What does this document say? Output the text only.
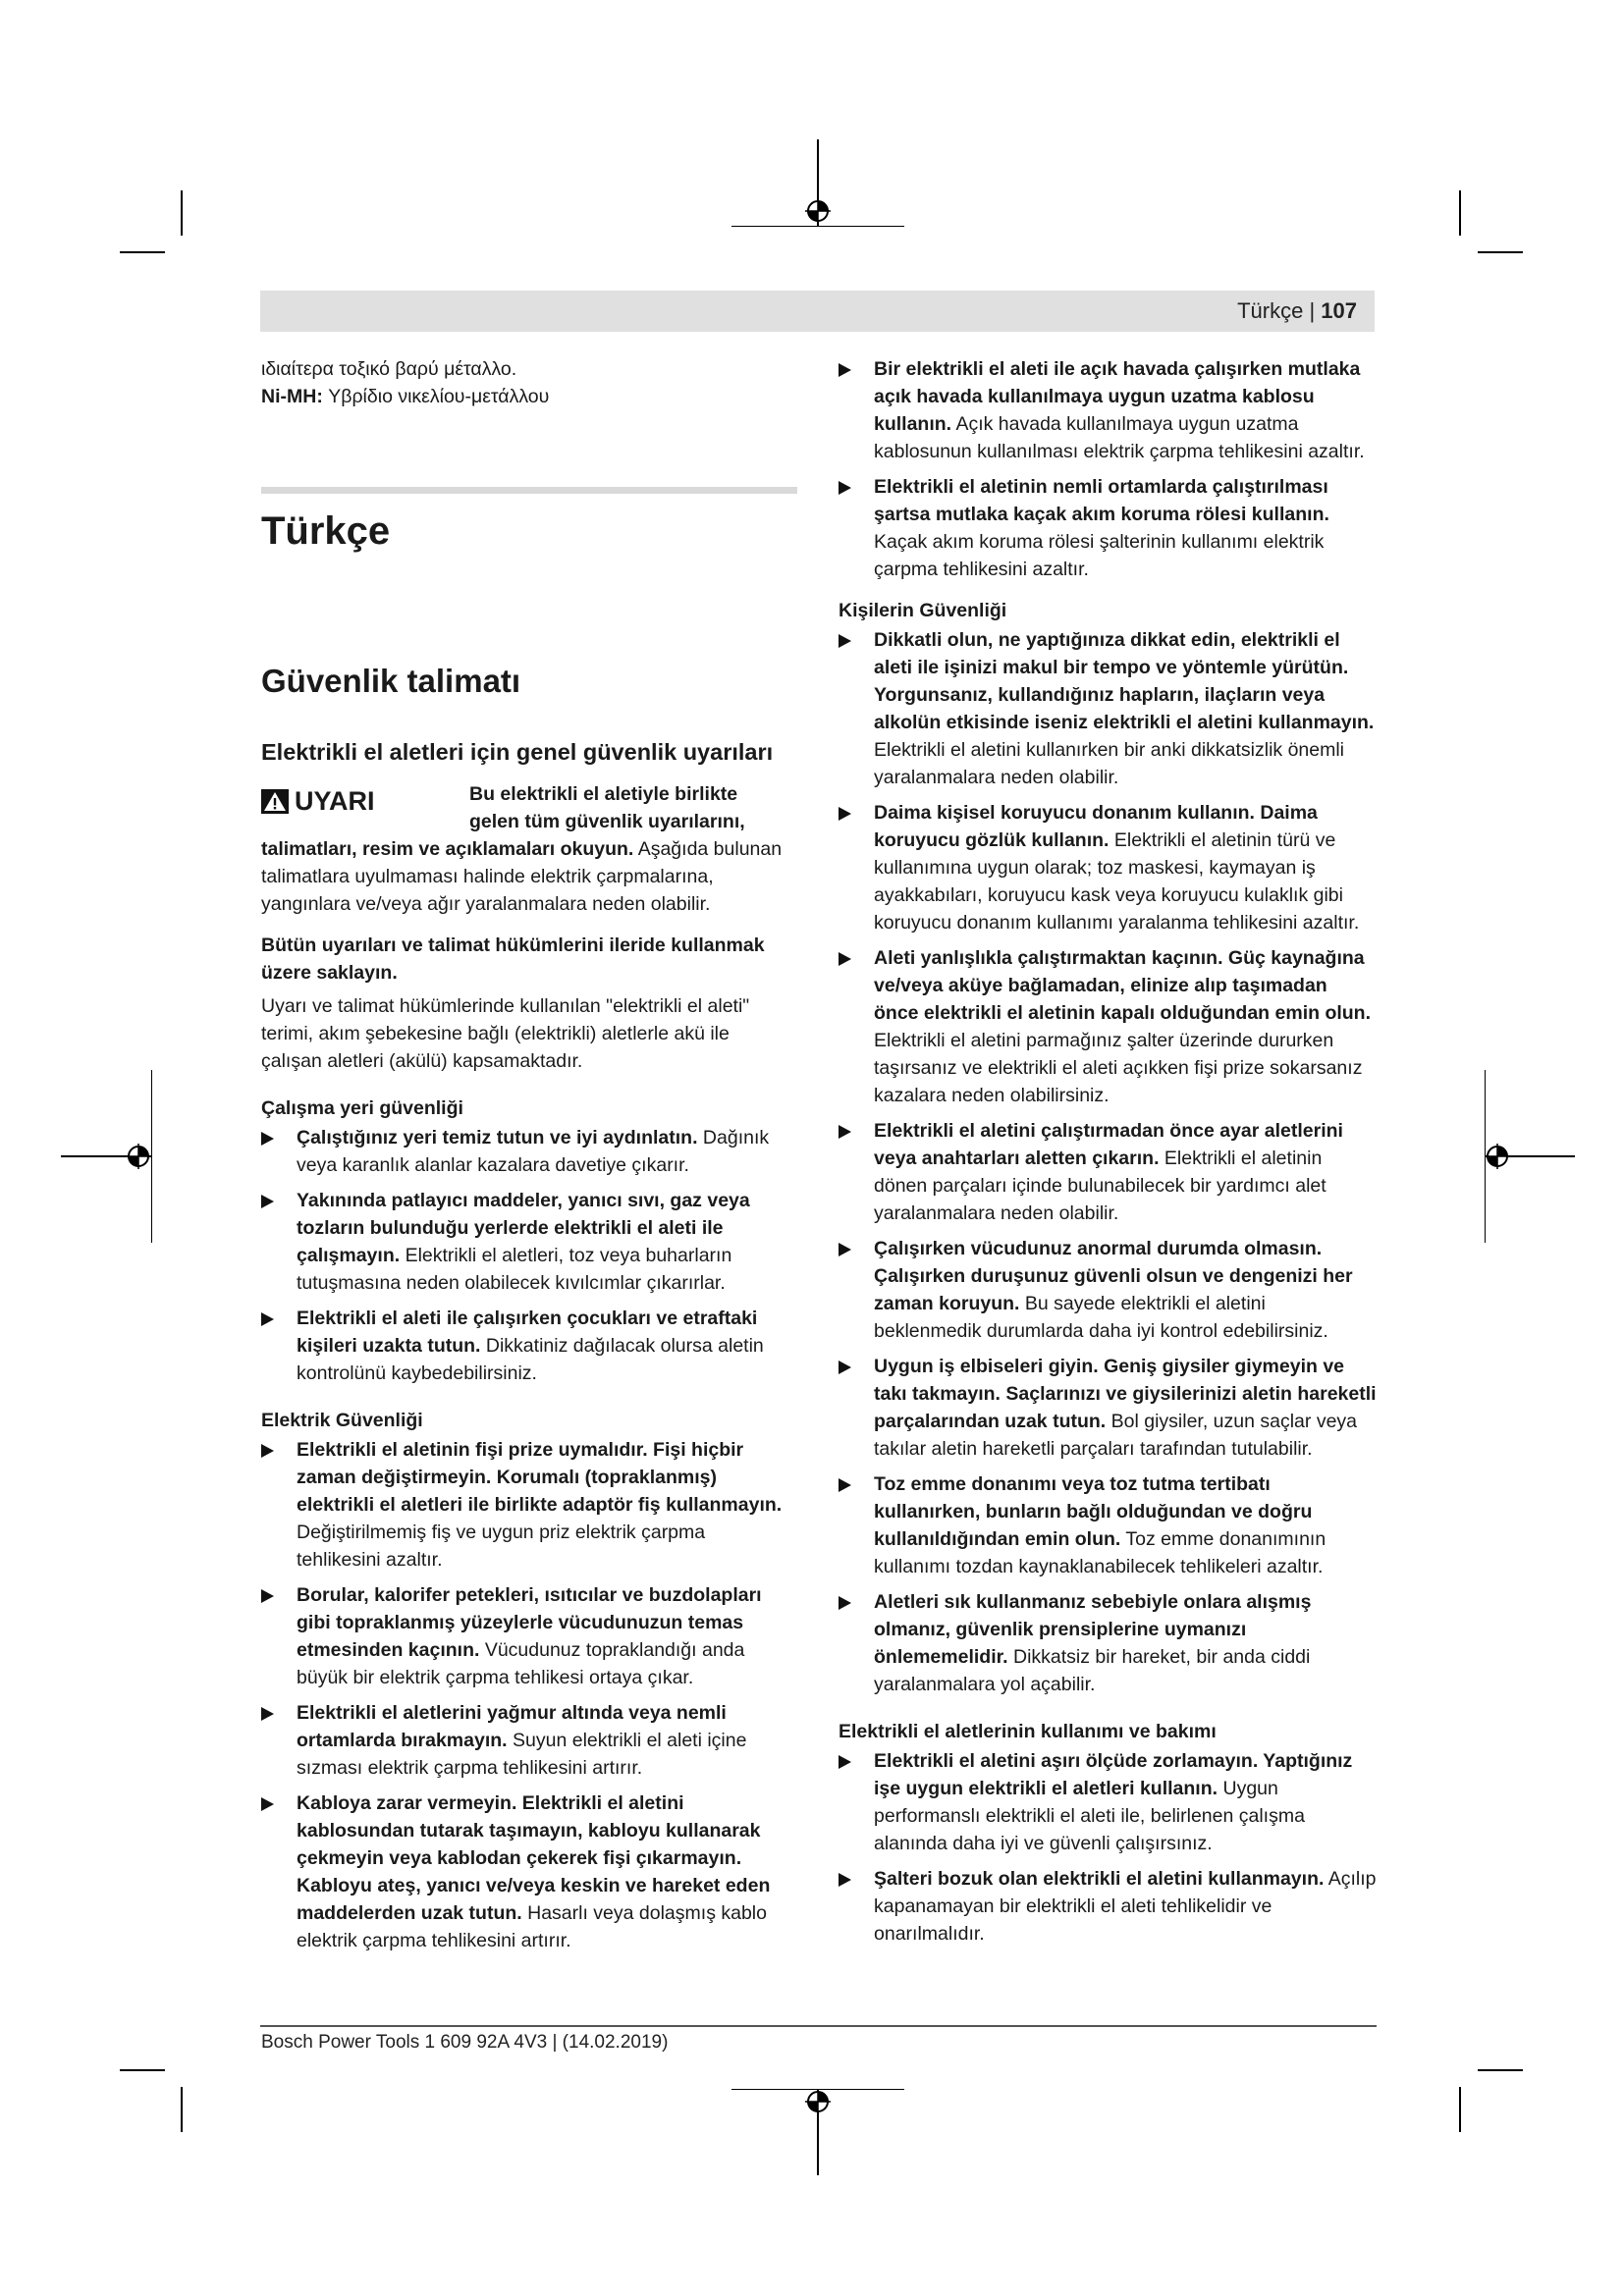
Türkçe | 107

ιδιαίτερα τοξικό βαρύ μέταλλο.

Ni-MH: Υβρίδιο νικελίου-μετάλλου

Türkçe
Güvenlik talimatı
Elektrikli el aletleri için genel güvenlik uyarıları
UYARI	Bu elektrikli el aletiyle birlikte gelen tüm güvenlik uyarılarını,

talimatları, resim ve açıklamaları okuyun. Aşağıda bulunan talimatlara uyulmaması halinde elektrik çarpmalarına, yangınlara ve/veya ağır yaralanmalara neden olabilir.

Bütün uyarıları ve talimat hükümlerini ileride kullanmak üzere saklayın.

Uyarı ve talimat hükümlerinde kullanılan "elektrikli el aleti" terimi, akım şebekesine bağlı (elektrikli) aletlerle akü ile çalışan aletleri (akülü) kapsamaktadır.

Çalışma yeri güvenliği
Çalıştığınız yeri temiz tutun ve iyi aydınlatın. Dağınık veya karanlık alanlar kazalara davetiye çıkarır.
Yakınında patlayıcı maddeler, yanıcı sıvı, gaz veya tozların bulunduğu yerlerde elektrikli el aleti ile çalışmayın. Elektrikli el aletleri, toz veya buharların tutuşmasına neden olabilecek kıvılcımlar çıkarırlar.
Elektrikli el aleti ile çalışırken çocukları ve etraftaki kişileri uzakta tutun. Dikkatiniz dağılacak olursa aletin kontrolünü kaybedebilirsiniz.
Elektrik Güvenliği
Elektrikli el aletinin fişi prize uymalıdır. Fişi hiçbir zaman değiştirmeyin. Korumalı (topraklanmış) elektrikli el aletleri ile birlikte adaptör fiş kullanmayın. Değiştirilmemiş fiş ve uygun priz elektrik çarpma tehlikesini azaltır.
Borular, kalorifer petekleri, ısıtıcılar ve buzdolapları gibi topraklanmış yüzeylerle vücudunuzun temas etmesinden kaçının. Vücudunuz topraklandığı anda büyük bir elektrik çarpma tehlikesi ortaya çıkar.
Elektrikli el aletlerini yağmur altında veya nemli ortamlarda bırakmayın. Suyun elektrikli el aleti içine sızması elektrik çarpma tehlikesini artırır.
Kabloya zarar vermeyin. Elektrikli el aletini kablosundan tutarak taşımayın, kabloyu kullanarak çekmeyin veya kablodan çekerek fişi çıkarmayın. Kabloyu ateş, yanıcı ve/veya keskin ve hareket eden maddelerden uzak tutun. Hasarlı veya dolaşmış kablo elektrik çarpma tehlikesini artırır.
Bir elektrikli el aleti ile açık havada çalışırken mutlaka açık havada kullanılmaya uygun uzatma kablosu kullanın. Açık havada kullanılmaya uygun uzatma kablosunun kullanılması elektrik çarpma tehlikesini azaltır.
Elektrikli el aletinin nemli ortamlarda çalıştırılması şartsa mutlaka kaçak akım koruma rölesi kullanın. Kaçak akım koruma rölesi şalterinin kullanımı elektrik çarpma tehlikesini azaltır.
Kişilerin Güvenliği
Dikkatli olun, ne yaptığınıza dikkat edin, elektrikli el aleti ile işinizi makul bir tempo ve yöntemle yürütün. Yorgunsanız, kullandığınız hapların, ilaçların veya alkolün etkisinde iseniz elektrikli el aletini kullanmayın. Elektrikli el aletini kullanırken bir anki dikkatsizlik önemli yaralanmalara neden olabilir.
Daima kişisel koruyucu donanım kullanın. Daima koruyucu gözlük kullanın. Elektrikli el aletinin türü ve kullanımına uygun olarak; toz maskesi, kaymayan iş ayakkabıları, koruyucu kask veya koruyucu kulaklık gibi koruyucu donanım kullanımı yaralanma tehlikesini azaltır.
Aleti yanlışlıkla çalıştırmaktan kaçının. Güç kaynağına ve/veya aküye bağlamadan, elinize alıp taşımadan önce elektrikli el aletinin kapalı olduğundan emin olun. Elektrikli el aletini parmağınız şalter üzerinde dururken taşırsanız ve elektrikli el aleti açıkken fişi prize sokarsanız kazalara neden olabilirsiniz.
Elektrikli el aletini çalıştırmadan önce ayar aletlerini veya anahtarları aletten çıkarın. Elektrikli el aletinin dönen parçaları içinde bulunabilecek bir yardımcı alet yaralanmalara neden olabilir.
Çalışırken vücudunuz anormal durumda olmasın. Çalışırken duruşunuz güvenli olsun ve dengenizi her zaman koruyun. Bu sayede elektrikli el aletini beklenmedik durumlarda daha iyi kontrol edebilirsiniz.
Uygun iş elbiseleri giyin. Geniş giysiler giymeyin ve takı takmayın. Saçlarınızı ve giysilerinizi aletin hareketli parçalarından uzak tutun. Bol giysiler, uzun saçlar veya takılar aletin hareketli parçaları tarafından tutulabilir.
Toz emme donanımı veya toz tutma tertibatı kullanırken, bunların bağlı olduğundan ve doğru kullanıldığından emin olun. Toz emme donanımının kullanımı tozdan kaynaklanabilecek tehlikeleri azaltır.
Aletleri sık kullanmanız sebebiyle onlara alışmış olmanız, güvenlik prensiplerine uymanızı önlememelidir. Dikkatsiz bir hareket, bir anda ciddi yaralanmalara yol açabilir.
Elektrikli el aletlerinin kullanımı ve bakımı
Elektrikli el aletini aşırı ölçüde zorlamayın. Yaptığınız işe uygun elektrikli el aletleri kullanın. Uygun performanslı elektrikli el aleti ile, belirlenen çalışma alanında daha iyi ve güvenli çalışırsınız.
Şalteri bozuk olan elektrikli el aletini kullanmayın. Açılıp kapanamayan bir elektrikli el aleti tehlikelidir ve onarılmalıdır.
Bosch Power Tools 1 609 92A 4V3 | (14.02.2019)
